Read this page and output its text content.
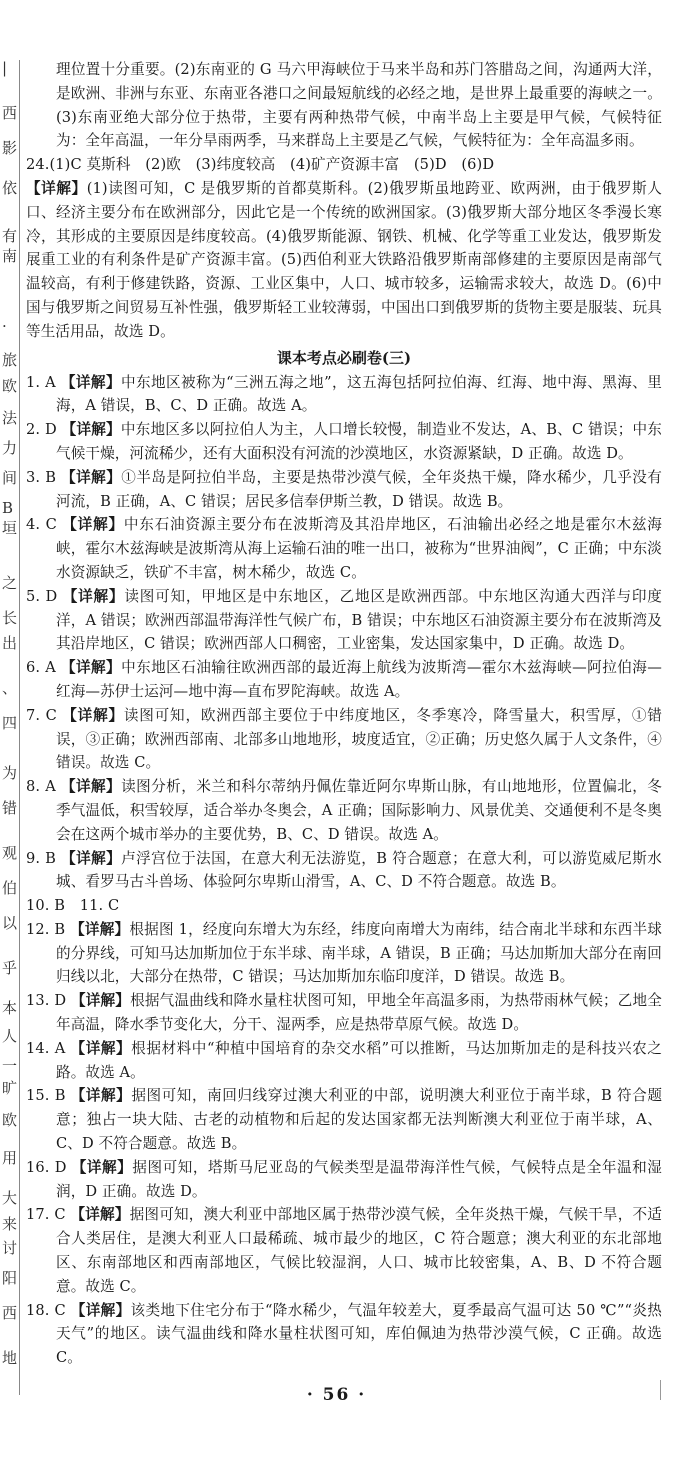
|
西
影
依
有
南
·
旅
欧
法
力
间
B
垣
之
长
出
、
四
为
错
观
伯
以
乎
本
人
一
旷
欧
用
大
来
讨
阳
西
地

理位置十分重要。(2)东南亚的 G 马六甲海峡位于马来半岛和苏门答腊岛之间，沟通两大洋，是欧洲、非洲与东亚、东南亚各港口之间最短航线的必经之地，是世界上最重要的海峡之一。(3)东南亚绝大部分位于热带，主要有两种热带气候，中南半岛上主要是甲气候，气候特征为：全年高温，一年分旱雨两季，马来群岛上主要是乙气候，气候特征为：全年高温多雨。

24.(1)C 莫斯科　(2)欧　(3)纬度较高　(4)矿产资源丰富　(5)D　(6)D

【详解】(1)读图可知，C 是俄罗斯的首都莫斯科。(2)俄罗斯虽地跨亚、欧两洲，由于俄罗斯人口、经济主要分布在欧洲部分，因此它是一个传统的欧洲国家。(3)俄罗斯大部分地区冬季漫长寒冷，其形成的主要原因是纬度较高。(4)俄罗斯能源、钢铁、机械、化学等重工业发达，俄罗斯发展重工业的有利条件是矿产资源丰富。(5)西伯利亚大铁路沿俄罗斯南部修建的主要原因是南部气温较高，有利于修建铁路，资源、工业区集中，人口、城市较多，运输需求较大，故选 D。(6)中国与俄罗斯之间贸易互补性强，俄罗斯轻工业较薄弱，中国出口到俄罗斯的货物主要是服装、玩具等生活用品，故选 D。

课本考点必刷卷(三)

1. A 【详解】中东地区被称为“三洲五海之地”，这五海包括阿拉伯海、红海、地中海、黑海、里海，A 错误，B、C、D 正确。故选 A。

2. D 【详解】中东地区多以阿拉伯人为主，人口增长较慢，制造业不发达，A、B、C 错误；中东气候干燥，河流稀少，还有大面积没有河流的沙漠地区，水资源紧缺，D 正确。故选 D。

3. B 【详解】①半岛是阿拉伯半岛，主要是热带沙漠气候，全年炎热干燥，降水稀少，几乎没有河流，B 正确，A、C 错误；居民多信奉伊斯兰教，D 错误。故选 B。

4. C 【详解】中东石油资源主要分布在波斯湾及其沿岸地区，石油输出必经之地是霍尔木兹海峡，霍尔木兹海峡是波斯湾从海上运输石油的唯一出口，被称为“世界油阀”，C 正确；中东淡水资源缺乏，铁矿不丰富，树木稀少，故选 C。

5. D 【详解】读图可知，甲地区是中东地区，乙地区是欧洲西部。中东地区沟通大西洋与印度洋，A 错误；欧洲西部温带海洋性气候广布，B 错误；中东地区石油资源主要分布在波斯湾及其沿岸地区，C 错误；欧洲西部人口稠密，工业密集，发达国家集中，D 正确。故选 D。

6. A 【详解】中东地区石油输往欧洲西部的最近海上航线为波斯湾—霍尔木兹海峡—阿拉伯海—红海—苏伊士运河—地中海—直布罗陀海峡。故选 A。

7. C 【详解】读图可知，欧洲西部主要位于中纬度地区，冬季寒冷，降雪量大，积雪厚，①错误，③正确；欧洲西部南、北部多山地地形，坡度适宜，②正确；历史悠久属于人文条件，④错误。故选 C。

8. A 【详解】读图分析，米兰和科尔蒂纳丹佩佐靠近阿尔卑斯山脉，有山地地形，位置偏北，冬季气温低，积雪较厚，适合举办冬奥会，A 正确；国际影响力、风景优美、交通便利不是冬奥会在这两个城市举办的主要优势，B、C、D 错误。故选 A。

9. B 【详解】卢浮宫位于法国，在意大利无法游览，B 符合题意；在意大利，可以游览威尼斯水城、看罗马古斗兽场、体验阿尔卑斯山滑雪，A、C、D 不符合题意。故选 B。

10. B　11. C

12. B 【详解】根据图 1，经度向东增大为东经，纬度向南增大为南纬，结合南北半球和东西半球的分界线，可知马达加斯加位于东半球、南半球，A 错误，B 正确；马达加斯加大部分在南回归线以北，大部分在热带，C 错误；马达加斯加东临印度洋，D 错误。故选 B。

13. D 【详解】根据气温曲线和降水量柱状图可知，甲地全年高温多雨，为热带雨林气候；乙地全年高温，降水季节变化大，分干、湿两季，应是热带草原气候。故选 D。

14. A 【详解】根据材料中“种植中国培育的杂交水稻”可以推断，马达加斯加走的是科技兴农之路。故选 A。

15. B 【详解】据图可知，南回归线穿过澳大利亚的中部，说明澳大利亚位于南半球，B 符合题意；独占一块大陆、古老的动植物和后起的发达国家都无法判断澳大利亚位于南半球，A、C、D 不符合题意。故选 B。

16. D 【详解】据图可知，塔斯马尼亚岛的气候类型是温带海洋性气候，气候特点是全年温和湿润，D 正确。故选 D。

17. C 【详解】据图可知，澳大利亚中部地区属于热带沙漠气候，全年炎热干燥，气候干旱，不适合人类居住，是澳大利亚人口最稀疏、城市最少的地区，C 符合题意；澳大利亚的东北部地区、东南部地区和西南部地区，气候比较湿润，人口、城市比较密集，A、B、D 不符合题意。故选 C。

18. C 【详解】该类地下住宅分布于“降水稀少，气温年较差大，夏季最高气温可达 50 ℃”“炎热天气”的地区。读气温曲线和降水量柱状图可知，库伯佩迪为热带沙漠气候，C 正确。故选 C。

· 56 ·
